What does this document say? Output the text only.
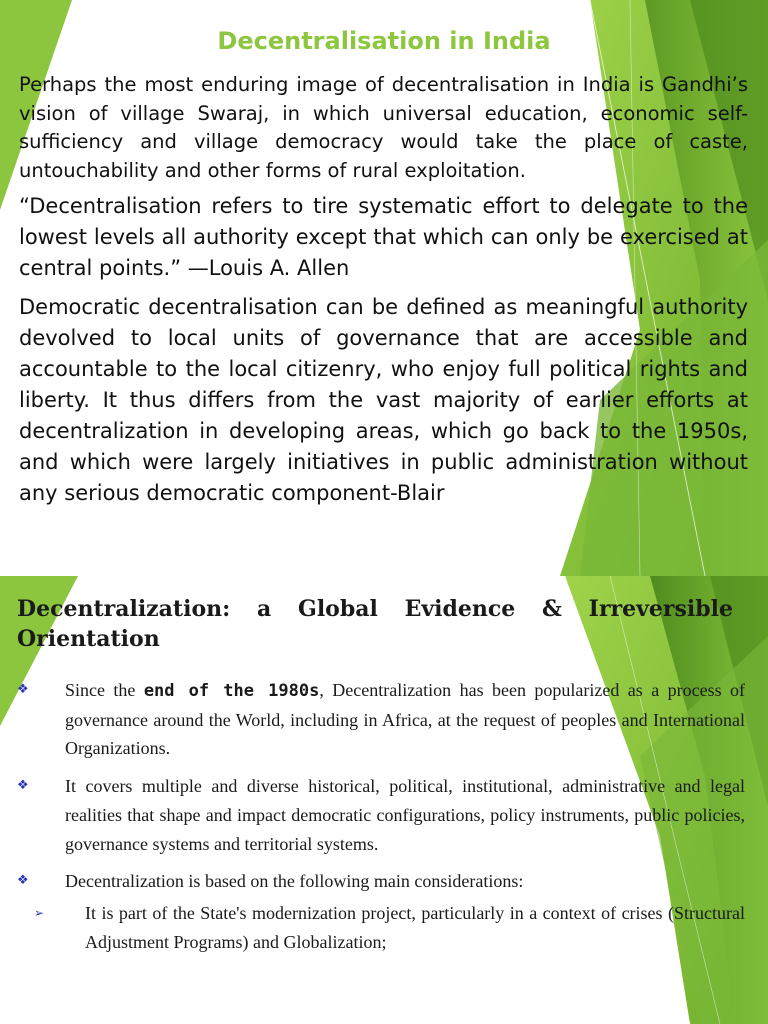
Decentralisation in India

Perhaps the most enduring image of decentralisation in India is Gandhi’s vision of village Swaraj, in which universal education, economic self-sufficiency and village democracy would take the place of caste, untouchability and other forms of rural exploitation.

“Decentralisation refers to tire systematic effort to delegate to the lowest levels all authority except that which can only be exercised at central points.” —Louis A. Allen

Democratic decentralisation can be defined as meaningful authority devolved to local units of governance that are accessible and accountable to the local citizenry, who enjoy full political rights and liberty. It thus differs from the vast majority of earlier efforts at decentralization in developing areas, which go back to the 1950s, and which were largely initiatives in public administration without any serious democratic component-Blair

Decentralization: a Global Evidence & Irreversible Orientation
❖ Since the end of the 1980s, Decentralization has been popularized as a process of governance around the World, including in Africa, at the request of peoples and International Organizations.
❖ It covers multiple and diverse historical, political, institutional, administrative and legal realities that shape and impact democratic configurations, policy instruments, public policies, governance systems and territorial systems.
❖ Decentralization is based on the following main considerations:
➢ It is part of the State's modernization project, particularly in a context of crises (Structural Adjustment Programs) and Globalization;
